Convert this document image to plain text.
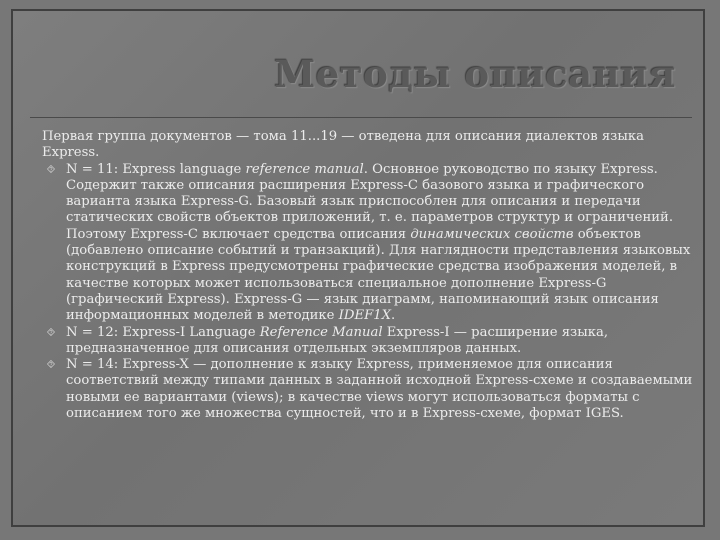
Методы описания

Первая группа документов — тома 11...19 — отведена для описания диалектов языка Express.

⯑ N = 11: Express language reference manual. Основное руководство по языку Express. Содержит также описания расширения Express-C базового языка и графического варианта языка Express-G. Базовый язык приспособлен для описания и передачи статических свойств объектов приложений, т. е. параметров структур и ограничений. Поэтому Express-C включает средства описания динамических свойств объектов (добавлено описание событий и транзакций). Для наглядности представления языковых конструкций в Express предусмотрены графические средства изображения моделей, в качестве которых может использоваться специальное дополнение Express-G (графический Express). Express-G — язык диаграмм, напоминающий язык описания информационных моделей в методике IDEF1X.

⯑ N = 12: Express-I Language Reference Manual Express-I — расширение языка, предназначенное для описания отдельных экземпляров данных.

⯑ N = 14: Express-X — дополнение к языку Express, применяемое для описания соответствий между типами данных в заданной исходной Express-схеме и создаваемыми новыми ее вариантами (views); в качестве views могут использоваться форматы с описанием того же множества сущностей, что и в Express-схеме, формат IGES.
